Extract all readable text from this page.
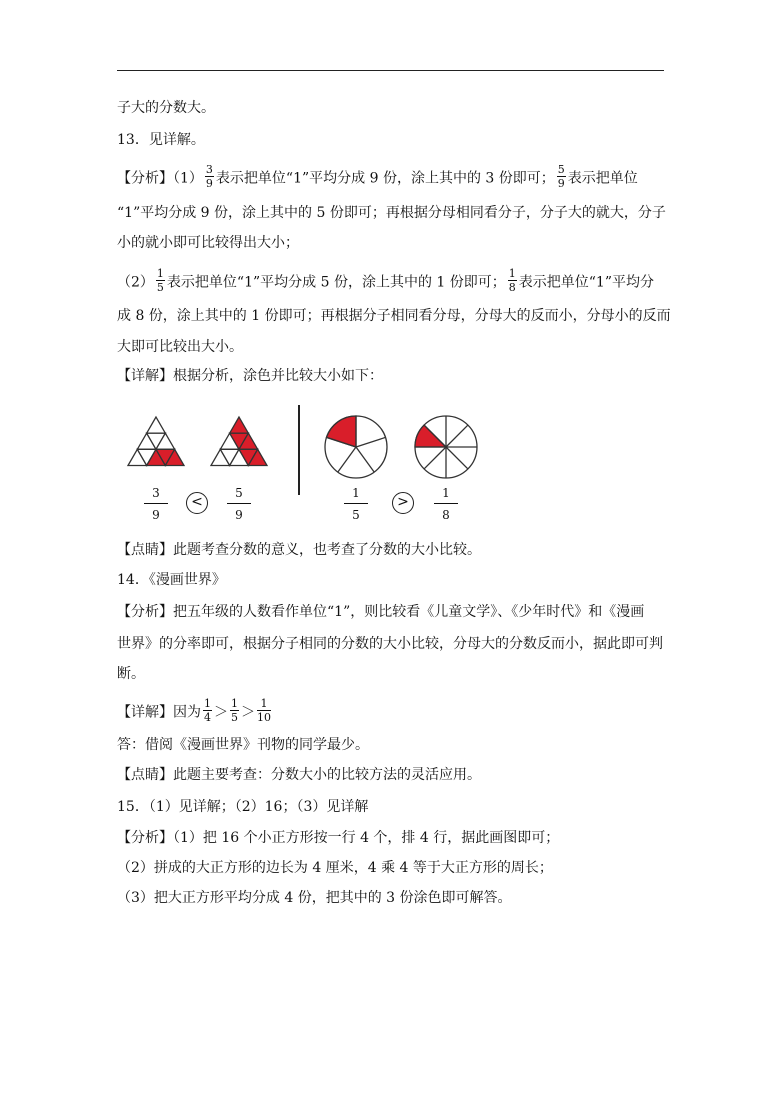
子大的分数大。
13．见详解。
【分析】$(1) \frac{3}{9}$ 表示把单位“1”平均分成 9 份，涂上其中的 3 份即可； $\frac{5}{9}$ 表示把单位
“1”平均分成 9 份，涂上其中的 5 份即可；再根据分母相同看分子，分子大的就大，分子
小的就小即可比较得出大小；
$(2) \frac{1}{5}$ 表示把单位“1”平均分成 5 份，涂上其中的 1 份即可； $\frac{1}{8}$ 表示把单位“1”平均分
成 8 份，涂上其中的 1 份即可；再根据分子相同看分母，分母大的反而小，分母小的反而
大即可比较出大小。
【详解】根据分析，涂色并比较大小如下：
$\frac{3}{9}$	<	$\frac{5}{9}$	$\frac{1}{5}$	>	$\frac{1}{8}$
【点睛】此题考查分数的意义，也考查了分数的大小比较。
14．《漫画世界》
【分析】把五年级的人数看作单位“1”，则比较看《儿童文学》、《少年时代》和《漫画
世界》的分率即可，根据分子相同的分数的大小比较，分母大的分数反而小，据此即可判
断。
【详解】因为 $\frac{1}{4} > \frac{1}{5} > \frac{1}{10}$
答：借阅《漫画世界》刊物的同学最少。
【点睛】此题主要考查：分数大小的比较方法的灵活应用。
15．（1）见详解；（2）16；（3）见详解
【分析】（1）把 16 个小正方形按一行 4 个，排 4 行，据此画图即可；
（2）拼成的大正方形的边长为 4 厘米，4 乘 4 等于大正方形的周长；
（3）把大正方形平均分成 4 份，把其中的 3 份涂色即可解答。
